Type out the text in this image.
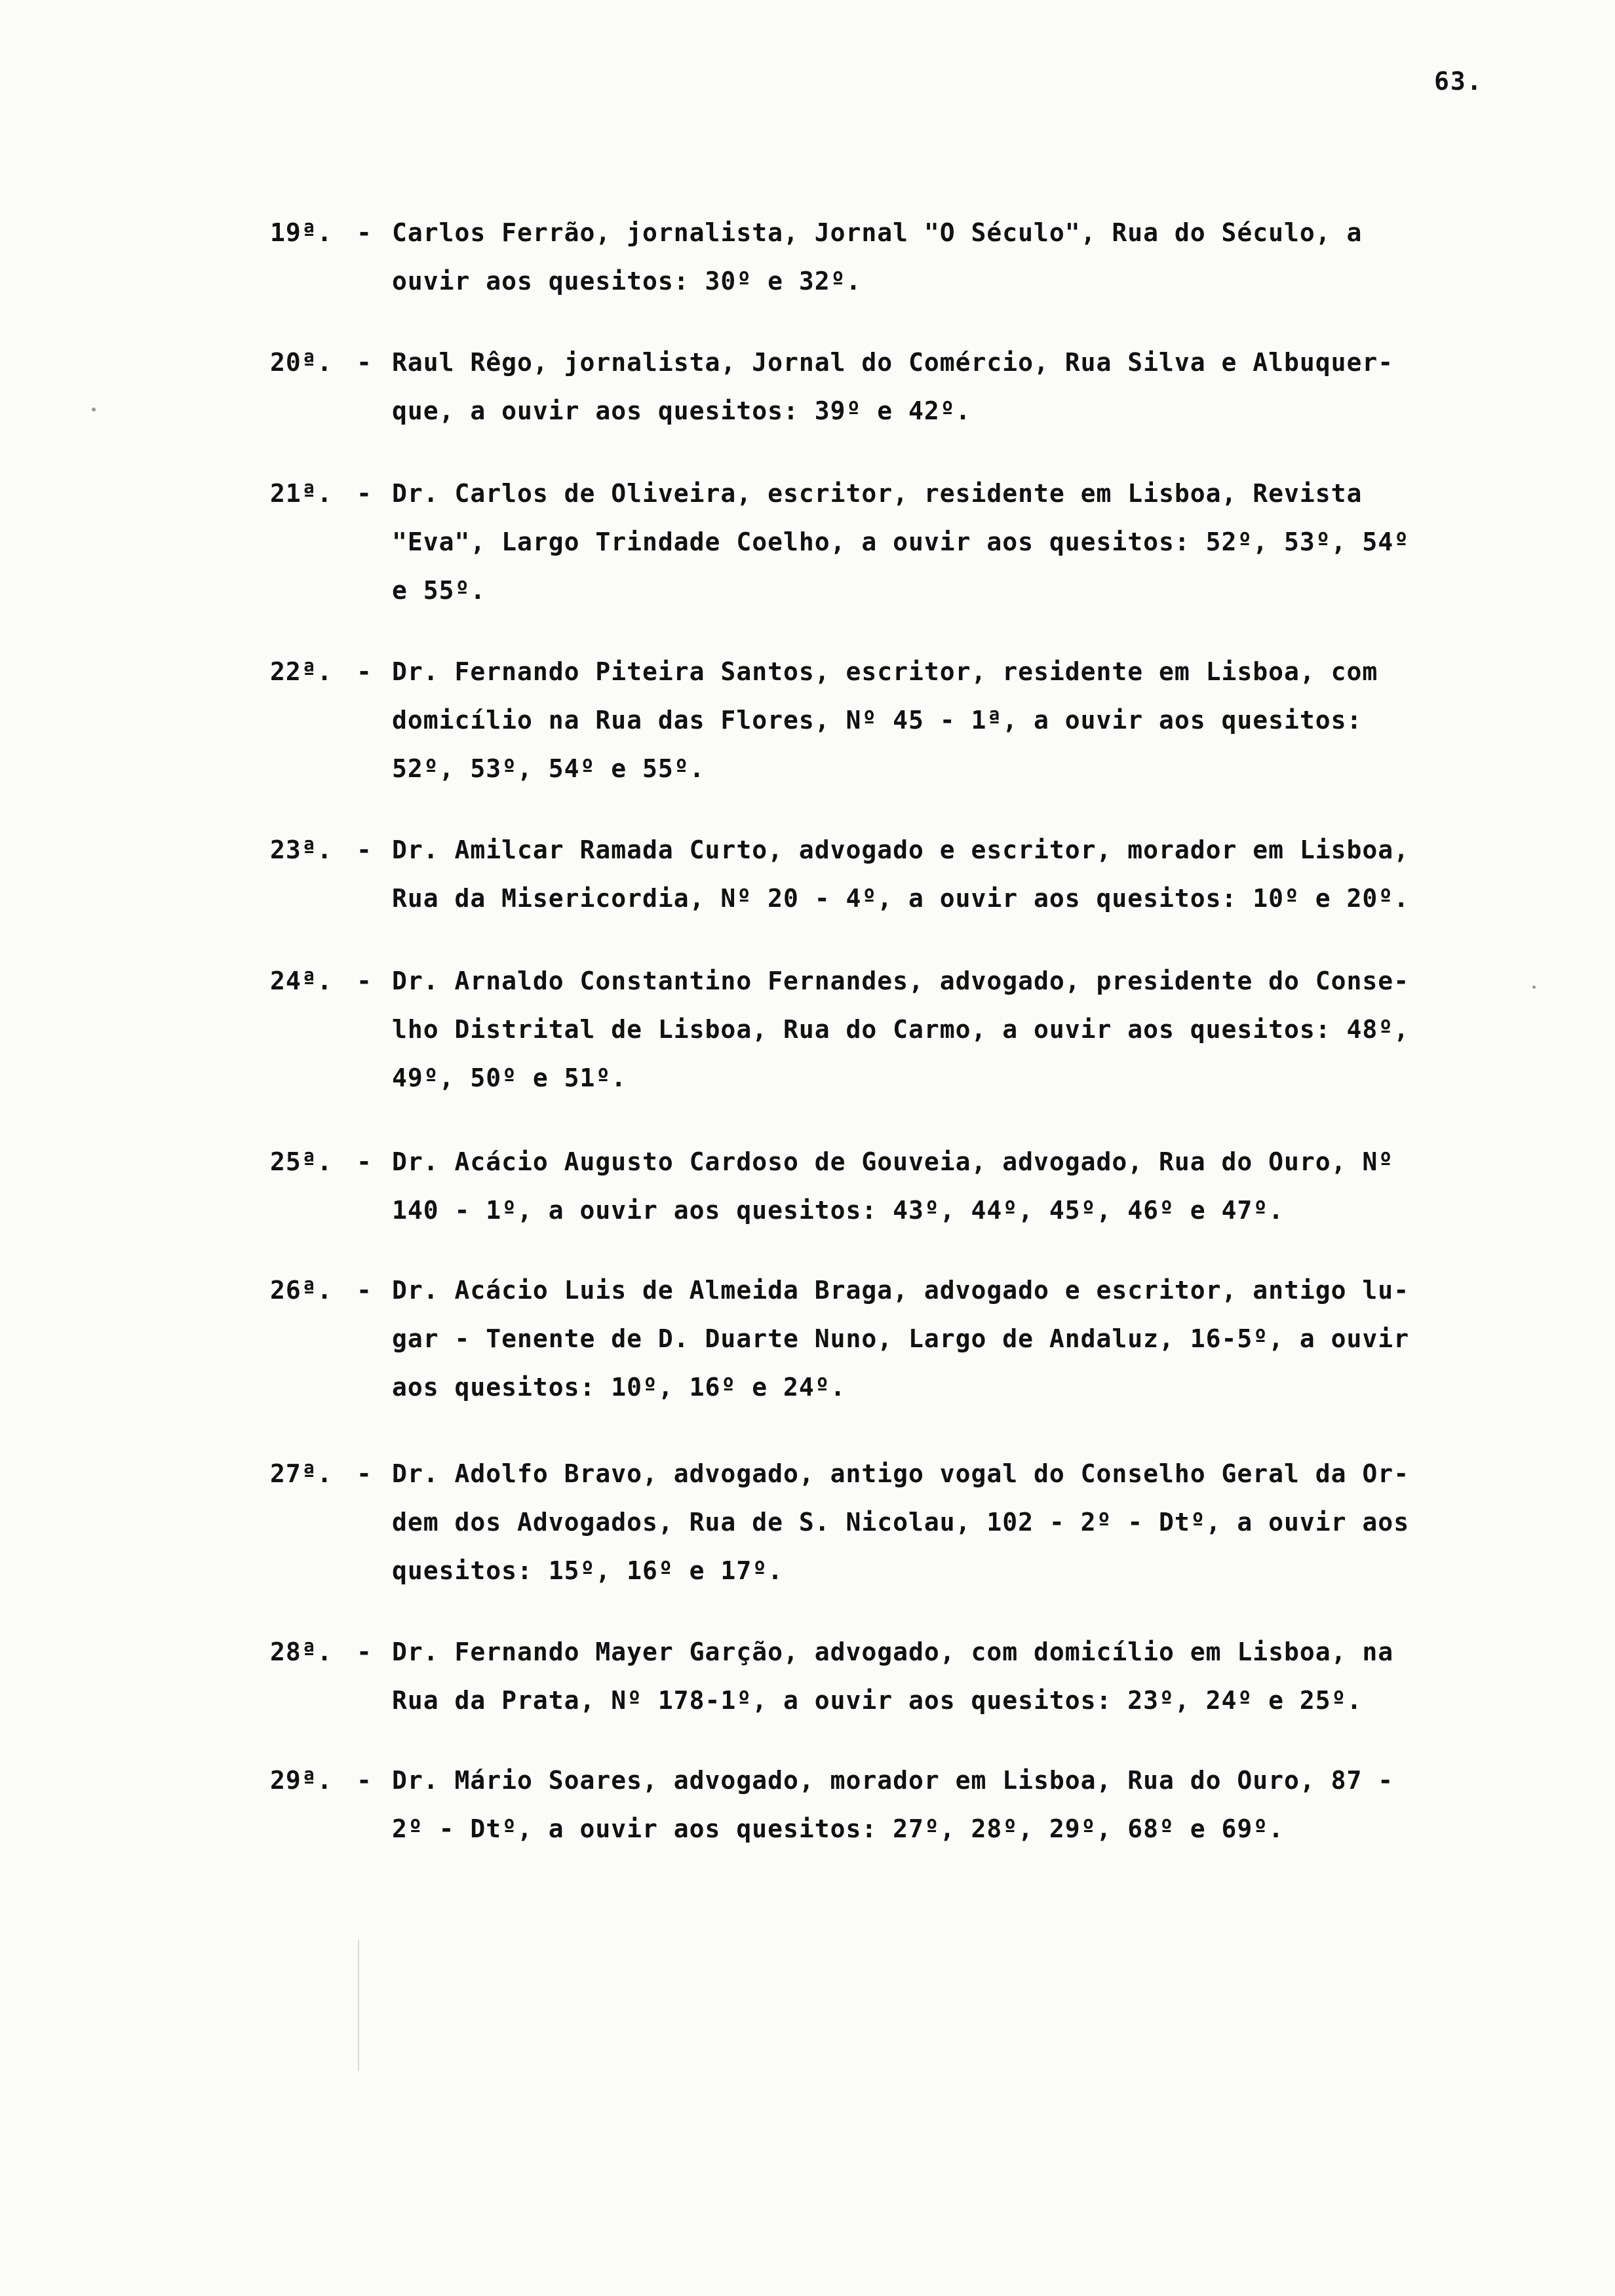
63.
19ª. - Carlos Ferrão, jornalista, Jornal "O Século", Rua do Século, a
ouvir aos quesitos: 30º e 32º.
20ª. - Raul Rêgo, jornalista, Jornal do Comércio, Rua Silva e Albuquer-
que, a ouvir aos quesitos: 39º e 42º.
21ª. - Dr. Carlos de Oliveira, escritor, residente em Lisboa, Revista
"Eva", Largo Trindade Coelho, a ouvir aos quesitos: 52º, 53º, 54º
e 55º.
22ª. - Dr. Fernando Piteira Santos, escritor, residente em Lisboa, com
domicílio na Rua das Flores, Nº 45 - 1ª, a ouvir aos quesitos:
52º, 53º, 54º e 55º.
23ª. - Dr. Amilcar Ramada Curto, advogado e escritor, morador em Lisboa,
Rua da Misericordia, Nº 20 - 4º, a ouvir aos quesitos: 10º e 20º.
24ª. - Dr. Arnaldo Constantino Fernandes, advogado, presidente do Conse-
lho Distrital de Lisboa, Rua do Carmo, a ouvir aos quesitos: 48º,
49º, 50º e 51º.
25ª. - Dr. Acácio Augusto Cardoso de Gouveia, advogado, Rua do Ouro, Nº
140 - 1º, a ouvir aos quesitos: 43º, 44º, 45º, 46º e 47º.
26ª. - Dr. Acácio Luis de Almeida Braga, advogado e escritor, antigo lu-
gar - Tenente de D. Duarte Nuno, Largo de Andaluz, 16-5º, a ouvir
aos quesitos: 10º, 16º e 24º.
27ª. - Dr. Adolfo Bravo, advogado, antigo vogal do Conselho Geral da Or-
dem dos Advogados, Rua de S. Nicolau, 102 - 2º - Dtº, a ouvir aos
quesitos: 15º, 16º e 17º.
28ª. - Dr. Fernando Mayer Garção, advogado, com domicílio em Lisboa, na
Rua da Prata, Nº 178-1º, a ouvir aos quesitos: 23º, 24º e 25º.
29ª. - Dr. Mário Soares, advogado, morador em Lisboa, Rua do Ouro, 87 -
2º - Dtº, a ouvir aos quesitos: 27º, 28º, 29º, 68º e 69º.
